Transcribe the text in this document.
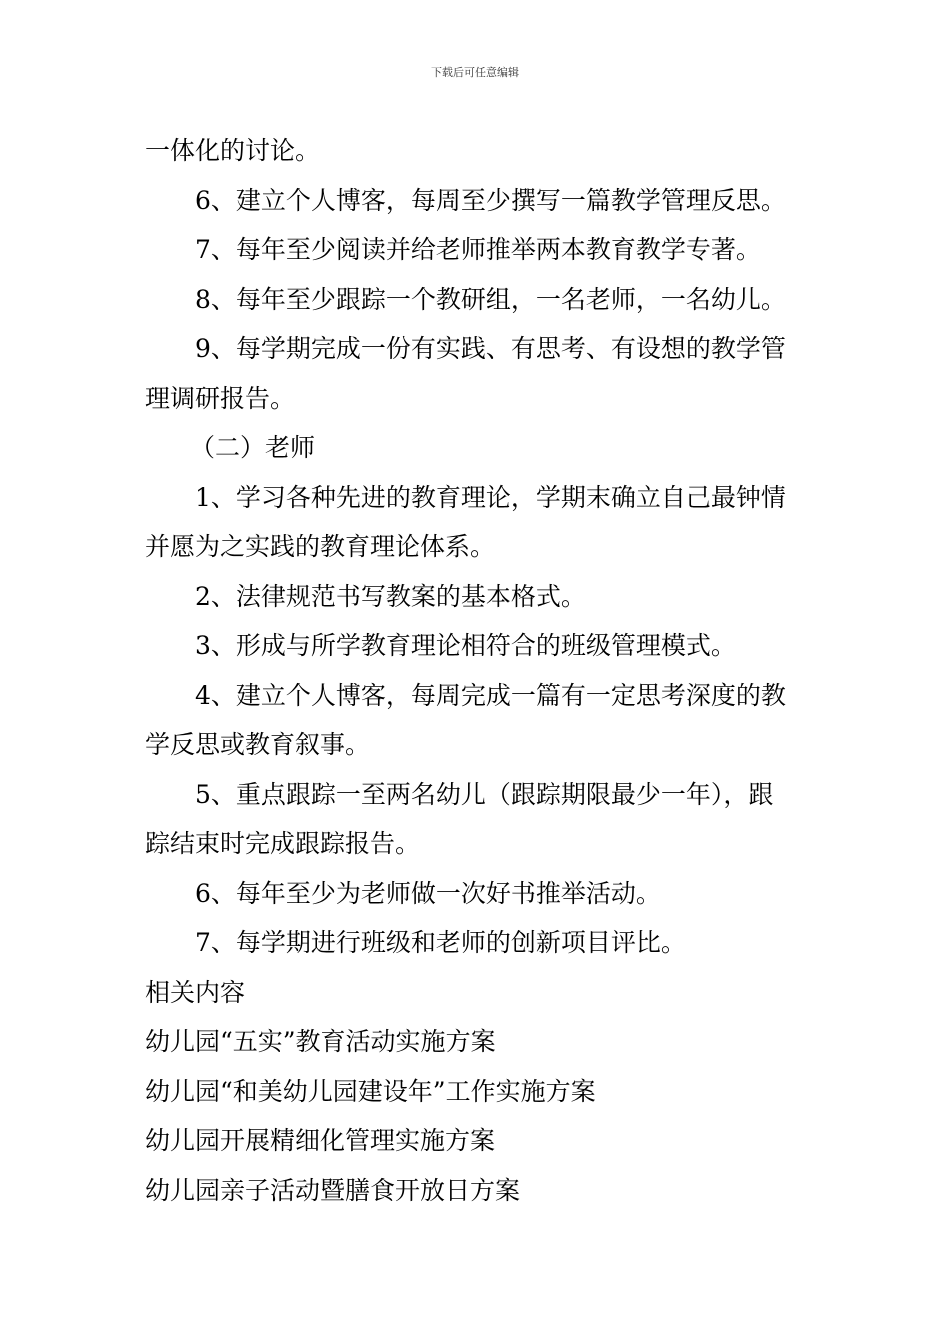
下载后可任意编辑
一体化的讨论。
6、建立个人博客，每周至少撰写一篇教学管理反思。
7、每年至少阅读并给老师推举两本教育教学专著。
8、每年至少跟踪一个教研组，一名老师，一名幼儿。
9、每学期完成一份有实践、有思考、有设想的教学管
理调研报告。
（二）老师
1、学习各种先进的教育理论，学期末确立自己最钟情
并愿为之实践的教育理论体系。
2、法律规范书写教案的基本格式。
3、形成与所学教育理论相符合的班级管理模式。
4、建立个人博客，每周完成一篇有一定思考深度的教
学反思或教育叙事。
5、重点跟踪一至两名幼儿（跟踪期限最少一年），跟
踪结束时完成跟踪报告。
6、每年至少为老师做一次好书推举活动。
7、每学期进行班级和老师的创新项目评比。
相关内容
幼儿园“五实”教育活动实施方案
幼儿园“和美幼儿园建设年”工作实施方案
幼儿园开展精细化管理实施方案
幼儿园亲子活动暨膳食开放日方案
